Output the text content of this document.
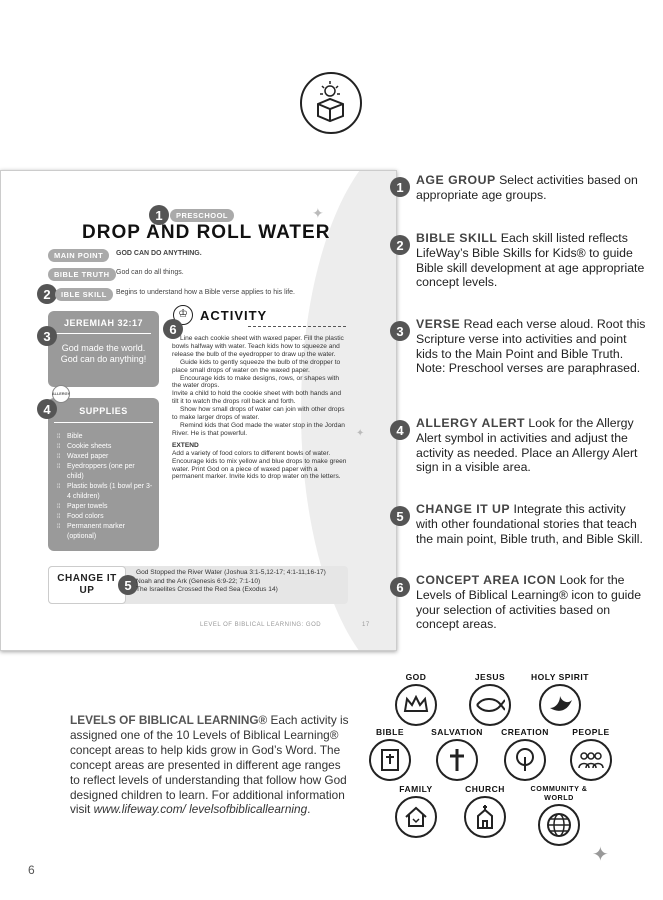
1	PRESCHOOL
DROP AND ROLL WATER
✦
MAIN POINT	GOD CAN DO ANYTHING.
BIBLE TRUTH God can do all things.
2	IBLE SKILL	Begins to understand how a Bible verse applies to his life.
JEREMIAH 32:17
God made the world. God can do anything!
3
SUPPLIES
⁞⁞ Bible
⁞⁞ Cookie sheets
⁞⁞ Waxed paper
⁞⁞ Eyedroppers (one per child)
⁞⁞ Plastic bowls (1 bowl per 3-4 children)
⁞⁞ Paper towels
⁞⁞ Food colors
⁞⁞ Permanent marker (optional)
4
ALLERGY
♔
6
ACTIVITY

Line each cookie sheet with waxed paper. Fill the plastic bowls halfway with water. Teach kids how to squeeze and release the bulb of the eyedropper to draw up the water.

Guide kids to gently squeeze the bulb of the dropper to place small drops of water on the waxed paper.

Encourage kids to make designs, rows, or shapes with the water drops.

Invite a child to hold the cookie sheet with both hands and tilt it to watch the drops roll back and forth.

Show how small drops of water can join with other drops to make larger drops of water.

Remind kids that God made the water stop in the Jordan River. He is that powerful.

EXTEND

Add a variety of food colors to different bowls of water. Encourage kids to mix yellow and blue drops to make green water. Print God on a piece of waxed paper with a permanent marker. Invite kids to drop water on the letters.

✦
CHANGE IT UP	5
God Stopped the River Water (Joshua 3:1-5,12-17; 4:1-11,16-17)
Noah and the Ark (Genesis 6:9-22; 7:1-10)
The Israelites Crossed the Red Sea (Exodus 14)
LEVEL OF BIBLICAL LEARNING: GOD	17
1	AGE GROUP Select activities based on appropriate age groups.
2	BIBLE SKILL Each skill listed reflects LifeWay’s Bible Skills for Kids® to guide Bible skill development at age appropriate concept levels.
3	VERSE Read each verse aloud. Root this Scripture verse into activities and point kids to the Main Point and Bible Truth. Note: Preschool verses are paraphrased.
4	ALLERGY ALERT Look for the Allergy Alert symbol in activities and adjust the activity as needed. Place an Allergy Alert sign in a visible area.
5	CHANGE IT UP Integrate this activity with other foundational stories that teach the main point, Bible truth, and Bible Skill.
6	CONCEPT AREA ICON Look for the Levels of Biblical Learning® icon to guide your selection of activities based on concept areas.
LEVELS OF BIBLICAL LEARNING® Each activity is assigned one of the 10 Levels of Biblical Learning® concept areas to help kids grow in God’s Word. The concept areas are presented in different age ranges to reflect levels of understanding that follow how God designed children to learn. For additional information visit www.lifeway.com/ levelsofbiblicallearning.
GOD	JESUS	HOLY SPIRIT
BIBLE	SALVATION	CREATION	PEOPLE
FAMILY	CHURCH	COMMUNITY & WORLD
✦
6
